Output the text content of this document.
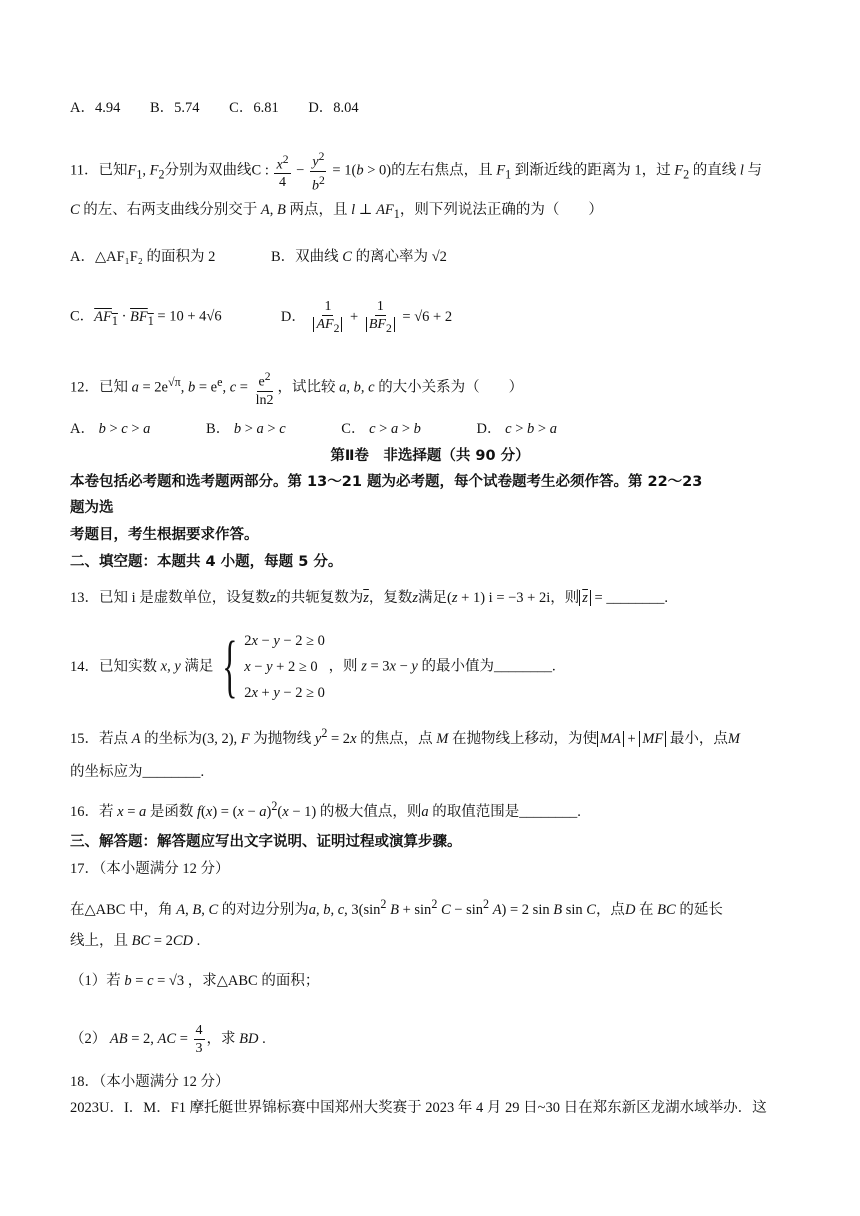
A．4.94 B．5.74 C．6.81 D．8.04
11．已知$F_1$, $F_2$分别为双曲线C : $\frac{x^2}{4} - \frac{y^2}{b^2} = 1(b > 0)$的左右焦点，且 $F_1$ 到渐近线的距离为 1，过 $F_2$ 的直线 l 与
C 的左、右两支曲线分别交于 A, B 两点，且 l ⊥ $AF_1$，则下列说法正确的为（　　）
A．△AF₁F₂ 的面积为 2	B．双曲线 C 的离心率为 √2
C．$AF_1 \cdot BF_1 = 10 + 4√6$	D． $\frac{1}{AF_2} + \frac{1}{BF_2} = √6 + 2$
12．已知 $a = 2e^{√\pi}$, $b = e^e$, $c = \frac{e^2}{\ln 2}$ ，试比较 a, b, c 的大小关系为（　　）
A． b > c > a	B． b > a > c	C． c > a > b	D． c > b > a
第Ⅱ卷　非选择题（共 90 分）
本卷包括必考题和选考题两部分。第 13～21 题为必考题，每个试卷题考生必须作答。第 22～23
题为选
考题目，考生根据要求作答。
二、填空题：本题共 4 小题，每题 5 分。
13．已知 i 是虚数单位，设复数z的共轭复数为$\overline{z}$，复数z满足(z + 1) i = −3 + 2i，则 $\overline{z}$ = ________.
14．已知实数 x, y 满足 { 2x − y − 2 ≥ 0
x − y + 2 ≥ 0
2x + y − 2 ≥ 0
，则 z = 3x − y 的最小值为________.
15．若点 A 的坐标为(3, 2), F 为抛物线 $y^2 = 2x$ 的焦点，点 M 在抛物线上移动，为使 MA + MF 最小，点M
的坐标应为________.
16．若 x = a 是函数 $f(x) = (x - a)^2(x - 1)$ 的极大值点，则a 的取值范围是________.
三、解答题：解答题应写出文字说明、证明过程或演算步骤。
17．（本小题满分 12 分）
在△ABC 中，角 A, B, C 的对边分别为a, b, c, $3(\sin^2$ $B + \sin^2 C - \sin^2 A) = 2$ sin B sin C，点D 在 BC 的延长
线上，且 BC = 2CD .
（1）若 b = c = √3 ，求△ABC 的面积；
（2） AB = 2, AC = $\frac{4}{3}$ ，求 BD .
18．（本小题满分 12 分）
2023U．I．M．F1 摩托艇世界锦标赛中国郑州大奖赛于 2023 年 4 月 29 日~30 日在郑东新区龙湖水域举办．这
